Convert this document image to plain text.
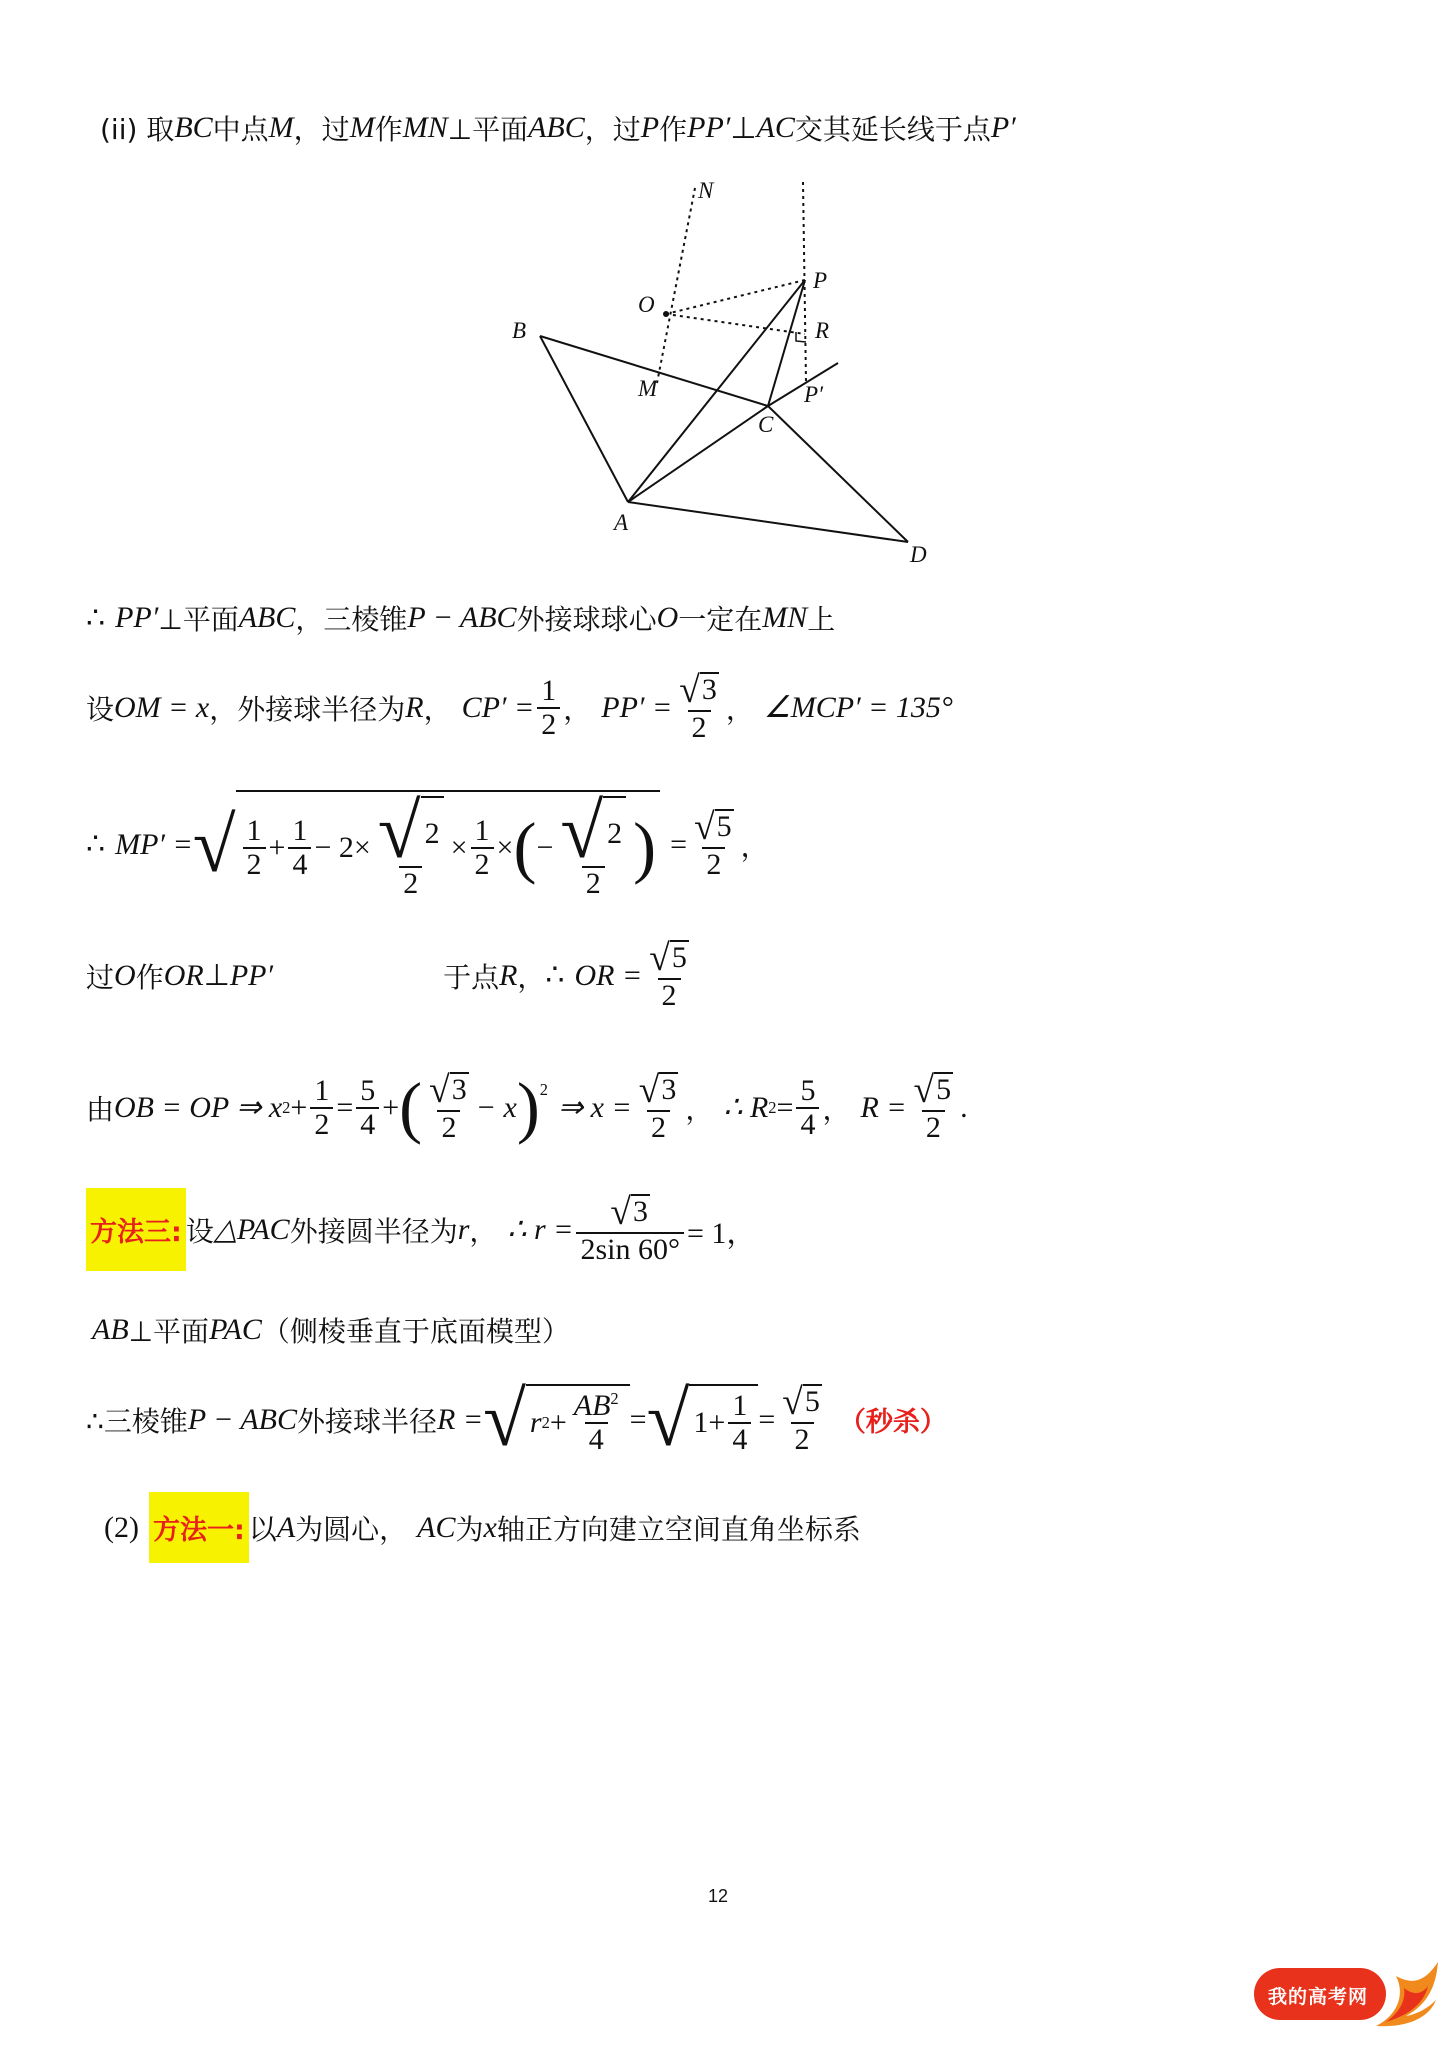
(ii) 取 BC 中点 M ，过 M 作 MN ⊥平面 ABC ，过 P 作 PP′ ⊥ AC 交其延长线于点 P′
N
P
O
R
B
M	P′
C
A
D
∴ PP′ ⊥平面 ABC ，三棱锥 P − ABC 外接球球心 O 一定在 MN 上
设 OM = x ，外接球半径为 R ， $CP' = \frac{1}{2}$ ， $PP' = \frac{√ 3}{2}$ ， ∠MCP′ = 135°
∴ MP′ = √ $\frac{1}{2} + \frac{1}{4} - 2\times \frac{√ 2}{2} \times \frac{1}{2}$ × ( − $\frac{√ 2}{2}$ ) = $\frac{√ 5}{2}$ ，
过 O 作 OR ⊥ PP′	于点 R ， ∴ OR = $\frac{√ 5}{2}$
由 OB = OP ⇒ x $2 + \frac{1}{2} = \frac{5}{4}$ + ( $\frac{√ 3}{2} - x$ )$^2$
⇒ $x = \frac{√ 3}{2}$ ， ∴ R $2 = \frac{5}{4}$ ， $R = \frac{√ 5}{2}$ .
方法三: 设 △PAC 外接圆半径为 r ， ∴ $r = \frac{√ 3}{2\sin 60^\circ} = 1$，
AB ⊥平面 PAC （侧棱垂直于底面模型）
∴三棱锥 P − ABC 外接球半径 R = √ r $2 + \frac{AB^2}{4}$ = √ $1+ \frac{1}{4} = \frac{√ 5}{2}$ （秒杀）
(2) 方法一: 以 A 为圆心， AC 为 x 轴正方向建立空间直角坐标系
12
我的高考网
